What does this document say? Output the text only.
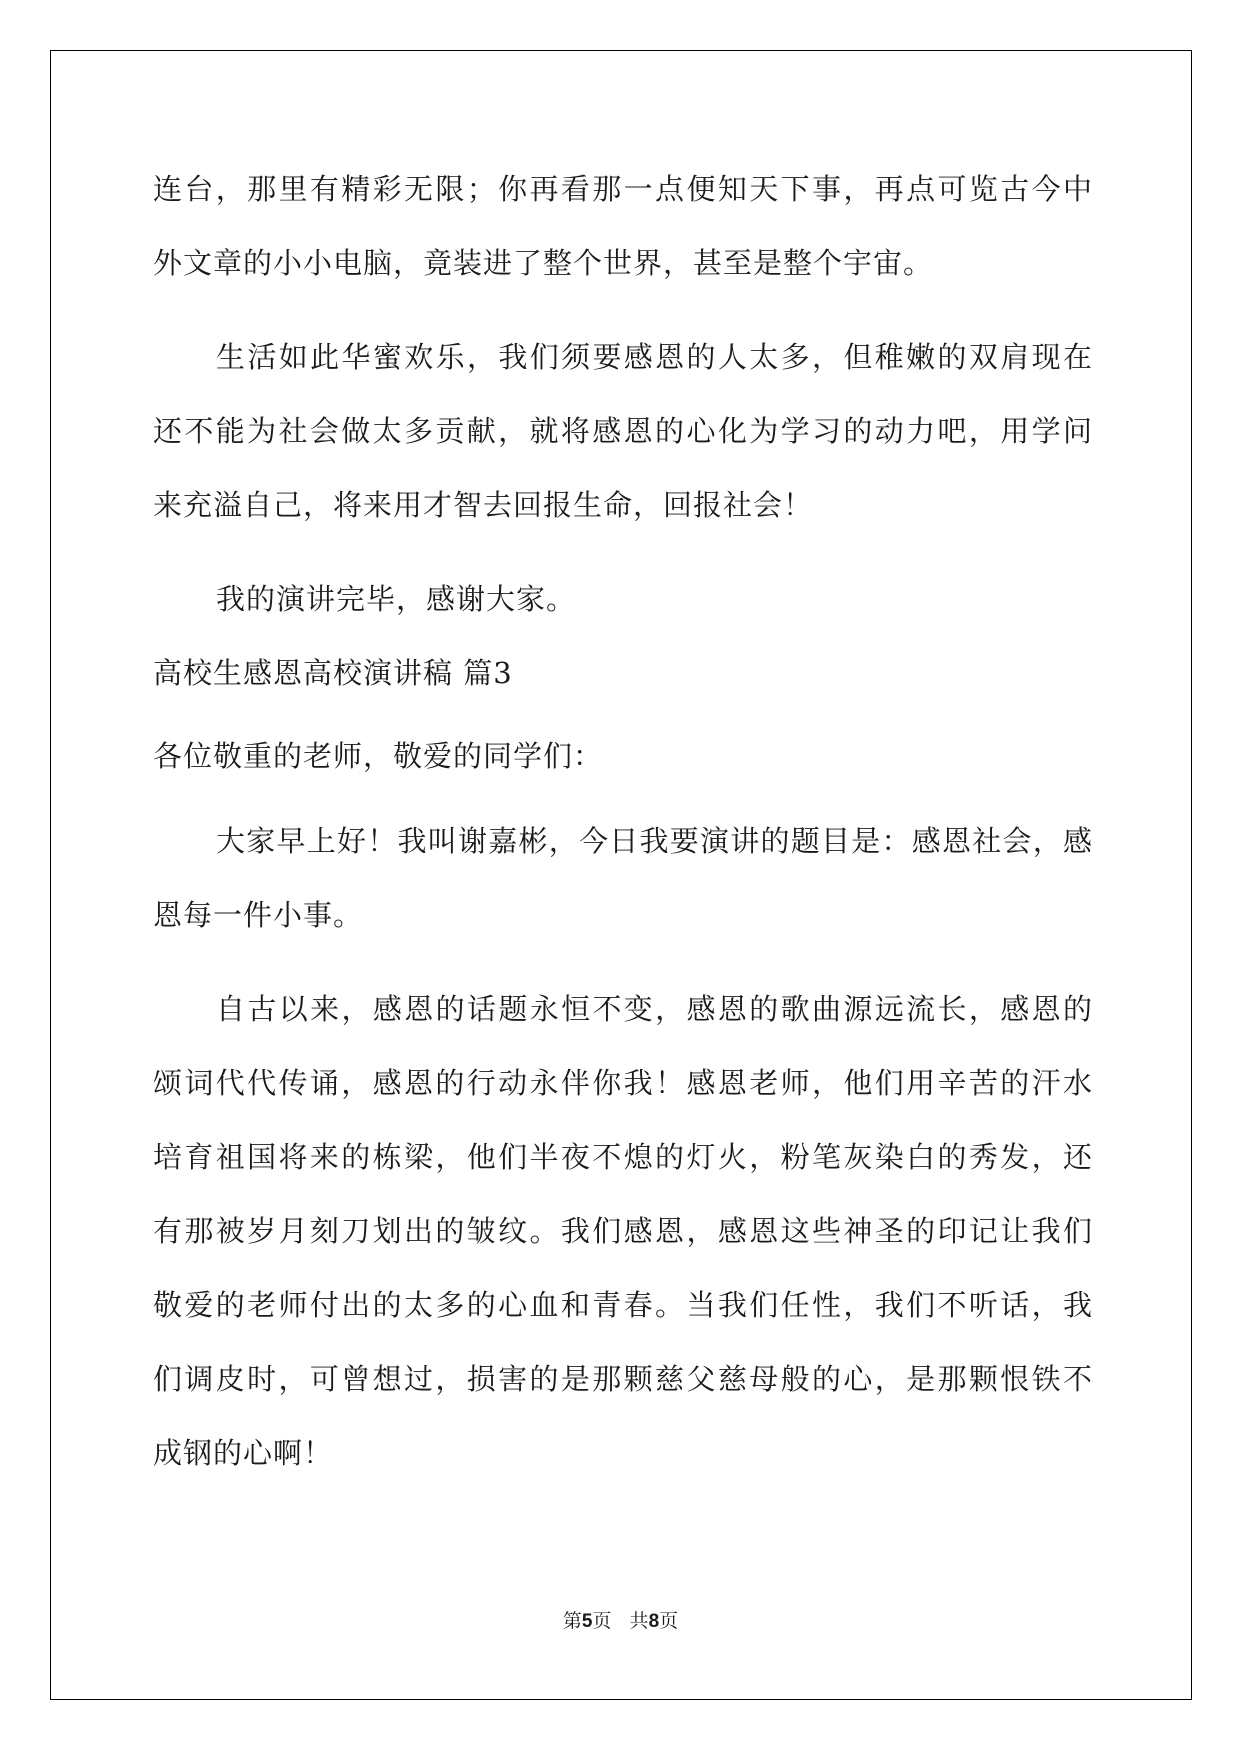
连台，那里有精彩无限；你再看那一点便知天下事，再点可览古今中
外文章的小小电脑，竟装进了整个世界，甚至是整个宇宙。
生活如此华蜜欢乐，我们须要感恩的人太多，但稚嫩的双肩现在
还不能为社会做太多贡献，就将感恩的心化为学习的动力吧，用学问
来充溢自己，将来用才智去回报生命，回报社会！
我的演讲完毕，感谢大家。
高校生感恩高校演讲稿 篇3
各位敬重的老师，敬爱的同学们：
大家早上好！我叫谢嘉彬，今日我要演讲的题目是：感恩社会，感
恩每一件小事。
自古以来，感恩的话题永恒不变，感恩的歌曲源远流长，感恩的
颂词代代传诵，感恩的行动永伴你我！感恩老师，他们用辛苦的汗水
培育祖国将来的栋梁，他们半夜不熄的灯火，粉笔灰染白的秀发，还
有那被岁月刻刀划出的皱纹。我们感恩，感恩这些神圣的印记让我们
敬爱的老师付出的太多的心血和青春。当我们任性，我们不听话，我
们调皮时，可曾想过，损害的是那颗慈父慈母般的心，是那颗恨铁不
成钢的心啊！
第5页   共8页
